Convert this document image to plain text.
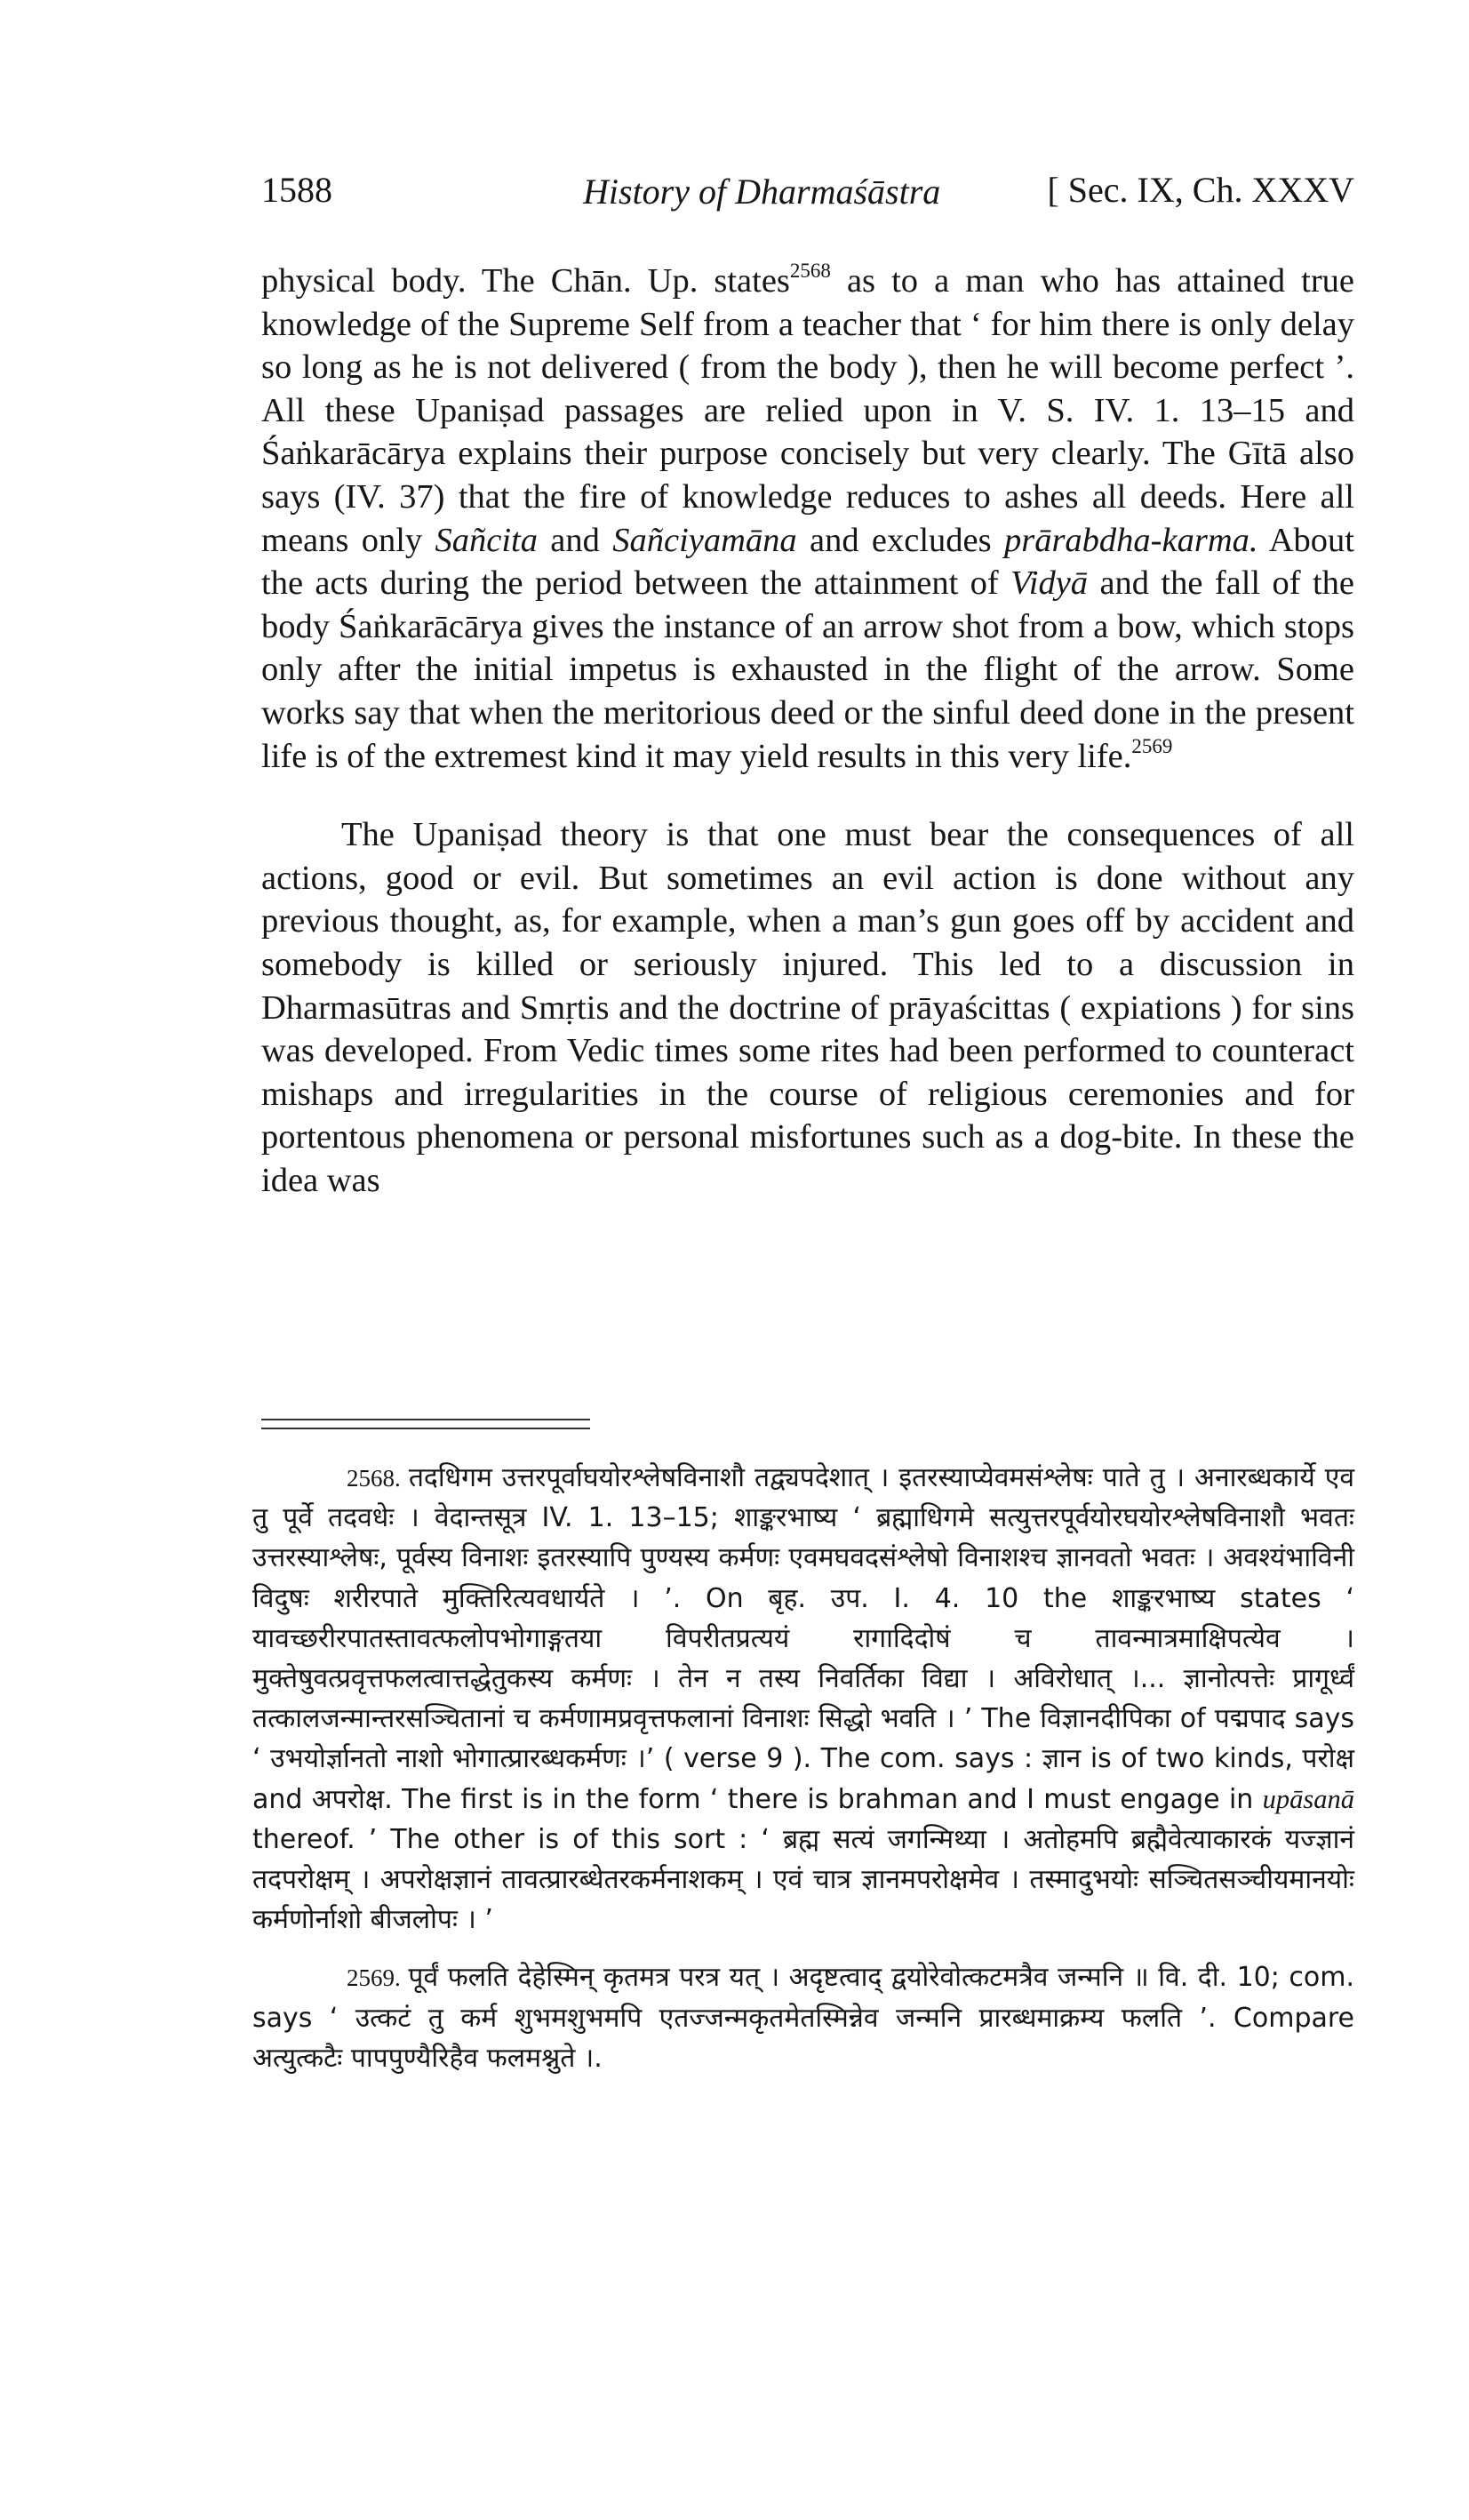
1588	History of Dharmaśāstra	[ Sec. IX, Ch. XXXV

physical body. The Chān. Up. states$^{2568}$ as to a man who has attained true knowledge of the Supreme Self from a teacher that ‘ for him there is only delay so long as he is not delivered ( from the body ), then he will become perfect ’. All these Upaniṣad passages are relied upon in V. S. IV. 1. 13–15 and Śaṅkarācārya explains their purpose concisely but very clearly. The Gītā also says (IV. 37) that the fire of knowledge reduces to ashes all deeds. Here all means only Sañcita and Sañciyamāna and excludes prārabdha-karma. About the acts during the period between the attainment of Vidyā and the fall of the body Śaṅkarācārya gives the instance of an arrow shot from a bow, which stops only after the initial impetus is exhausted in the flight of the arrow. Some works say that when the meritorious deed or the sinful deed done in the present life is of the extremest kind it may yield results in this very life.$^{2569}$

The Upaniṣad theory is that one must bear the consequences of all actions, good or evil. But sometimes an evil action is done without any previous thought, as, for example, when a man’s gun goes off by accident and somebody is killed or seriously injured. This led to a discussion in Dharmasūtras and Smṛtis and the doctrine of prāyaścittas ( expiations ) for sins was developed. From Vedic times some rites had been performed to counteract mishaps and irregularities in the course of religious ceremonies and for portentous phenomena or personal misfortunes such as a dog-bite. In these the idea was

2568. तदधिगम उत्तरपूर्वाघयोरश्लेषविनाशौ तद्व्यपदेशात् । इतरस्याप्येवमसंश्लेषः पाते तु । अनारब्धकार्ये एव तु पूर्वे तदवधेः । वेदान्तसूत्र IV. 1. 13–15; शाङ्करभाष्य ‘ ब्रह्माधिगमे सत्युत्तरपूर्वयोरघयोरश्लेषविनाशौ भवतः उत्तरस्याश्लेषः, पूर्वस्य विनाशः इतरस्यापि पुण्यस्य कर्मणः एवमघवदसंश्लेषो विनाशश्च ज्ञानवतो भवतः । अवश्यंभाविनी विदुषः शरीरपाते मुक्तिरित्यवधार्यते । ’. On बृह. उप. I. 4. 10 the शाङ्करभाष्य states ‘ यावच्छरीरपातस्तावत्फलोपभोगाङ्गतया विपरीतप्रत्ययं रागादिदोषं च तावन्मात्रमाक्षिपत्येव । मुक्तेषुवत्प्रवृत्तफलत्वात्तद्धेतुकस्य कर्मणः । तेन न तस्य निवर्तिका विद्या । अविरोधात् ।... ज्ञानोत्पत्तेः प्रागूर्ध्वं तत्कालजन्मान्तरसञ्चितानां च कर्मणामप्रवृत्तफलानां विनाशः सिद्धो भवति । ’ The विज्ञानदीपिका of पद्मपाद says ‘ उभयोर्ज्ञानतो नाशो भोगात्प्रारब्धकर्मणः ।’ ( verse 9 ). The com. says : ज्ञान is of two kinds, परोक्ष and अपरोक्ष. The first is in the form ‘ there is brahman and I must engage in upāsanā thereof. ’ The other is of this sort : ‘ ब्रह्म सत्यं जगन्मिथ्या । अतोहमपि ब्रह्मैवेत्याकारकं यज्ज्ञानं तदपरोक्षम् । अपरोक्षज्ञानं तावत्प्रारब्धेतरकर्मनाशकम् । एवं चात्र ज्ञानमपरोक्षमेव । तस्मादुभयोः सञ्चितसञ्चीयमानयोः कर्मणोर्नाशो बीजलोपः । ’

2569. पूर्वं फलति देहेस्मिन् कृतमत्र परत्र यत् । अदृष्टत्वाद् द्वयोरेवोत्कटमत्रैव जन्मनि ॥ वि. दी. 10; com. says ‘ उत्कटं तु कर्म शुभमशुभमपि एतज्जन्मकृतमेतस्मिन्नेव जन्मनि प्रारब्धमाक्रम्य फलति ’. Compare अत्युत्कटैः पापपुण्यैरिहैव फलमश्नुते ।.
